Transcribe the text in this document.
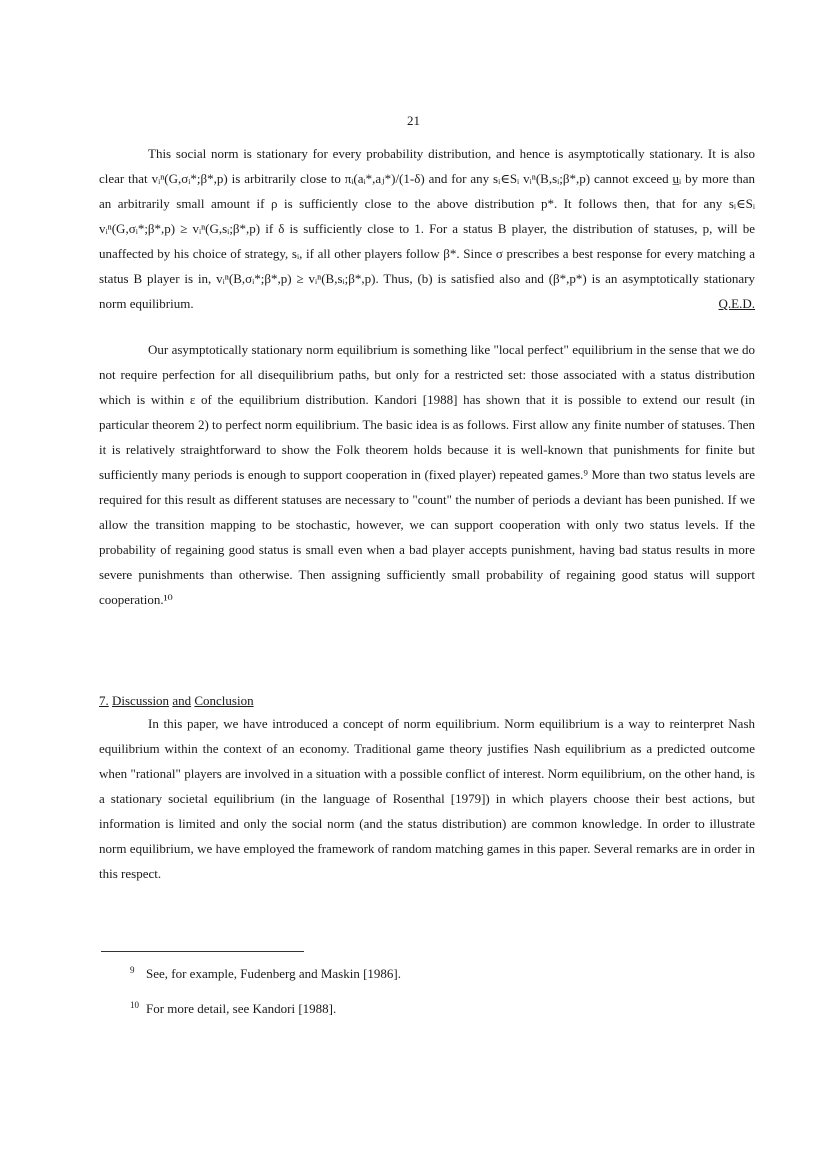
21
This social norm is stationary for every probability distribution, and hence is asymptotically stationary. It is also clear that vᵢⁿ(G,σᵢ*;β*,p) is arbitrarily close to πᵢ(aᵢ*,aⱼ*)/(1-δ) and for any sᵢ∈Sᵢ vᵢⁿ(B,sᵢ;β*,p) cannot exceed u̲ᵢ by more than an arbitrarily small amount if ρ is sufficiently close to the above distribution p*. It follows then, that for any sᵢ∈Sᵢ vᵢⁿ(G,σᵢ*;β*,p) ≥ vᵢⁿ(G,sᵢ;β*,p) if δ is sufficiently close to 1. For a status B player, the distribution of statuses, p, will be unaffected by his choice of strategy, sᵢ, if all other players follow β*. Since σ prescribes a best response for every matching a status B player is in, vᵢⁿ(B,σᵢ*;β*,p) ≥ vᵢⁿ(B,sᵢ;β*,p). Thus, (b) is satisfied also and (β*,p*) is an asymptotically stationary norm equilibrium.	Q.E.D.
Our asymptotically stationary norm equilibrium is something like "local perfect" equilibrium in the sense that we do not require perfection for all disequilibrium paths, but only for a restricted set: those associated with a status distribution which is within ε of the equilibrium distribution. Kandori [1988] has shown that it is possible to extend our result (in particular theorem 2) to perfect norm equilibrium. The basic idea is as follows. First allow any finite number of statuses. Then it is relatively straightforward to show the Folk theorem holds because it is well-known that punishments for finite but sufficiently many periods is enough to support cooperation in (fixed player) repeated games.⁹ More than two status levels are required for this result as different statuses are necessary to "count" the number of periods a deviant has been punished. If we allow the transition mapping to be stochastic, however, we can support cooperation with only two status levels. If the probability of regaining good status is small even when a bad player accepts punishment, having bad status results in more severe punishments than otherwise. Then assigning sufficiently small probability of regaining good status will support cooperation.¹⁰
7. Discussion and Conclusion
In this paper, we have introduced a concept of norm equilibrium. Norm equilibrium is a way to reinterpret Nash equilibrium within the context of an economy. Traditional game theory justifies Nash equilibrium as a predicted outcome when "rational" players are involved in a situation with a possible conflict of interest. Norm equilibrium, on the other hand, is a stationary societal equilibrium (in the language of Rosenthal [1979]) in which players choose their best actions, but information is limited and only the social norm (and the status distribution) are common knowledge. In order to illustrate norm equilibrium, we have employed the framework of random matching games in this paper. Several remarks are in order in this respect.
9 See, for example, Fudenberg and Maskin [1986].
10 For more detail, see Kandori [1988].
